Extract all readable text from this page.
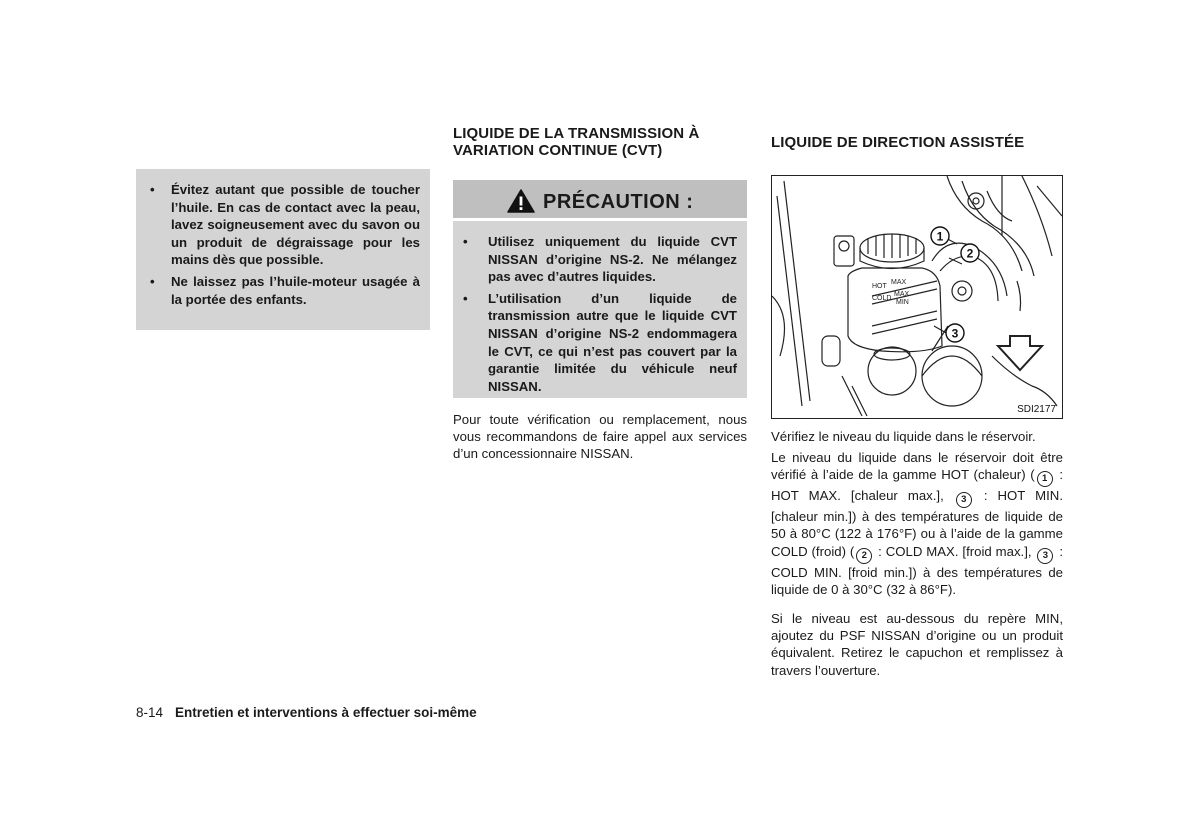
• Évitez autant que possible de toucher l’huile. En cas de contact avec la peau, lavez soigneusement avec du savon ou un produit de dégraissage pour les mains dès que possible.
• Ne laissez pas l’huile-moteur usagée à la portée des enfants.
LIQUIDE DE LA TRANSMISSION À
VARIATION CONTINUE (CVT)
PRÉCAUTION :
• Utilisez uniquement du liquide CVT NISSAN d’origine NS-2. Ne mélangez pas avec d’autres liquides.
• L’utilisation d’un liquide de transmission autre que le liquide CVT NISSAN d’origine NS-2 endommagera le CVT, ce qui n’est pas couvert par la garantie limitée du véhicule neuf NISSAN.
Pour toute vérification ou remplacement, nous vous recommandons de faire appel aux services d’un concessionnaire NISSAN.
LIQUIDE DE DIRECTION ASSISTÉE
HOT
MAX
COLD
MAX
MIN
1
2
3
SDI2177
Vérifiez le niveau du liquide dans le réservoir.
Le niveau du liquide dans le réservoir doit être vérifié à l’aide de la gamme HOT (chaleur) ( 1 : HOT MAX. [chaleur max.], 3 : HOT MIN. [chaleur min.]) à des températures de liquide de 50 à 80°C (122 à 176°F) ou à l’aide de la gamme COLD (froid) ( 2 : COLD MAX. [froid max.], 3 : COLD MIN. [froid min.]) à des températures de liquide de 0 à 30°C (32 à 86°F).
Si le niveau est au-dessous du repère MIN, ajoutez du PSF NISSAN d’origine ou un produit équivalent. Retirez le capuchon et remplissez à travers l’ouverture.
8-14 Entretien et interventions à effectuer soi-même
